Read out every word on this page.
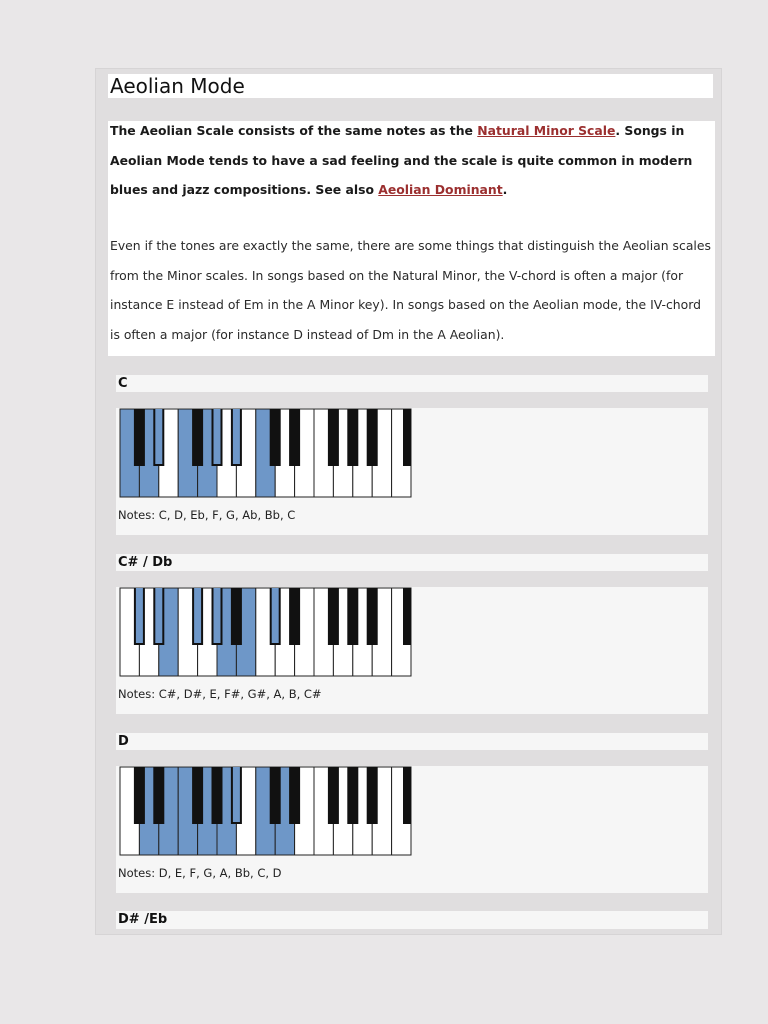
Aeolian Mode

The Aeolian Scale consists of the same notes as the Natural Minor Scale. Songs in Aeolian Mode tends to have a sad feeling and the scale is quite common in modern blues and jazz compositions. See also Aeolian Dominant.

Even if the tones are exactly the same, there are some things that distinguish the Aeolian scales from the Minor scales. In songs based on the Natural Minor, the V-chord is often a major (for instance E instead of Em in the A Minor key). In songs based on the Aeolian mode, the IV-chord is often a major (for instance D instead of Dm in the A Aeolian).

C
Notes: C, D, Eb, F, G, Ab, Bb, C
C# / Db
Notes: C#, D#, E, F#, G#, A, B, C#
D
Notes: D, E, F, G, A, Bb, C, D
D# /Eb
